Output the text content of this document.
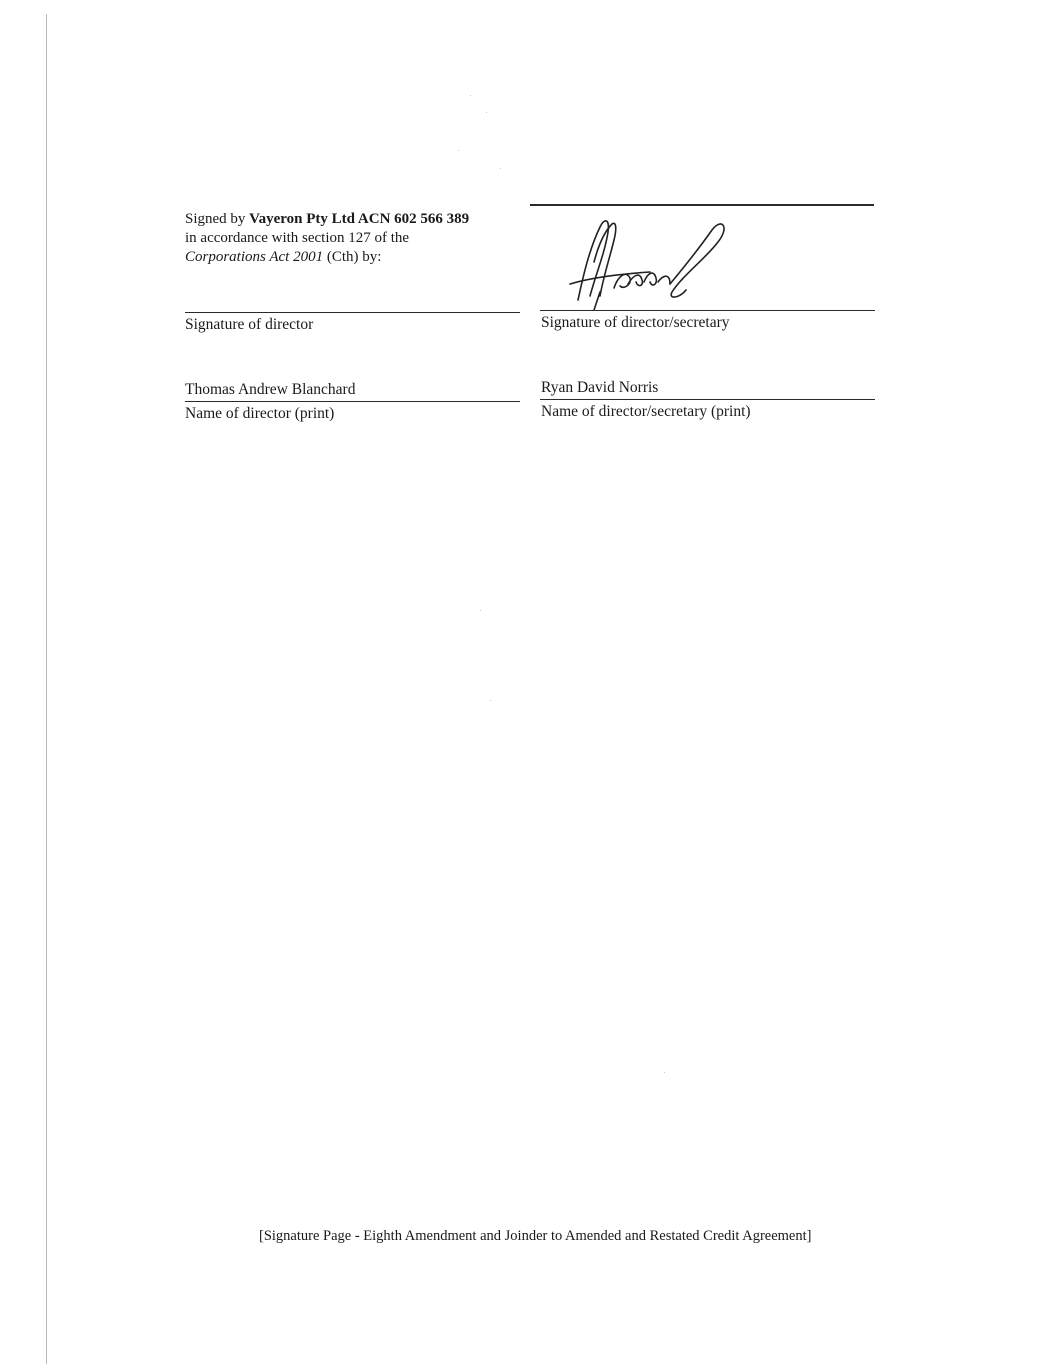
Signed by Vayeron Pty Ltd ACN 602 566 389
in accordance with section 127 of the
Corporations Act 2001 (Cth) by:
Signature of director	Signature of director/secretary
Thomas Andrew Blanchard
Name of director (print)
Ryan David Norris
Name of director/secretary (print)
[Signature Page - Eighth Amendment and Joinder to Amended and Restated Credit Agreement]
